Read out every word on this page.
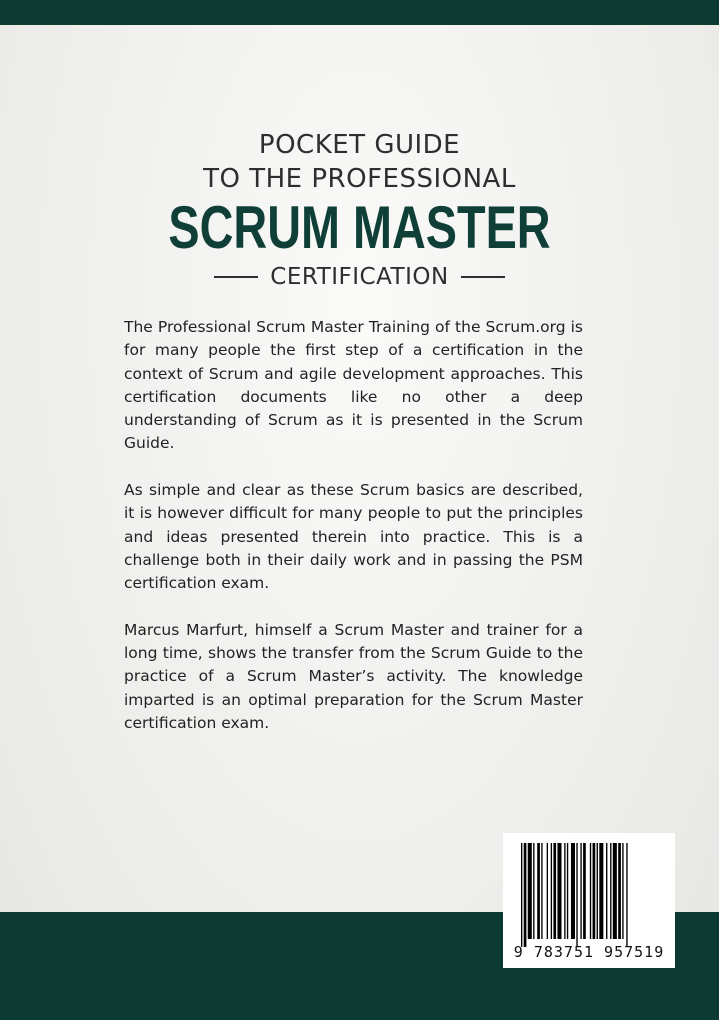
POCKET GUIDE
TO THE PROFESSIONAL
SCRUM MASTER
CERTIFICATION

The Professional Scrum Master Training of the Scrum.org is for many people the first step of a certification in the context of Scrum and agile development approaches. This certification documents like no other a deep understanding of Scrum as it is presented in the Scrum Guide.

As simple and clear as these Scrum basics are described, it is however difficult for many people to put the principles and ideas presented therein into practice. This is a challenge both in their daily work and in passing the PSM certification exam.

Marcus Marfurt, himself a Scrum Master and trainer for a long time, shows the transfer from the Scrum Guide to the practice of a Scrum Master’s activity. The knowledge imparted is an optimal preparation for the Scrum Master certification exam.

9 783751 957519
